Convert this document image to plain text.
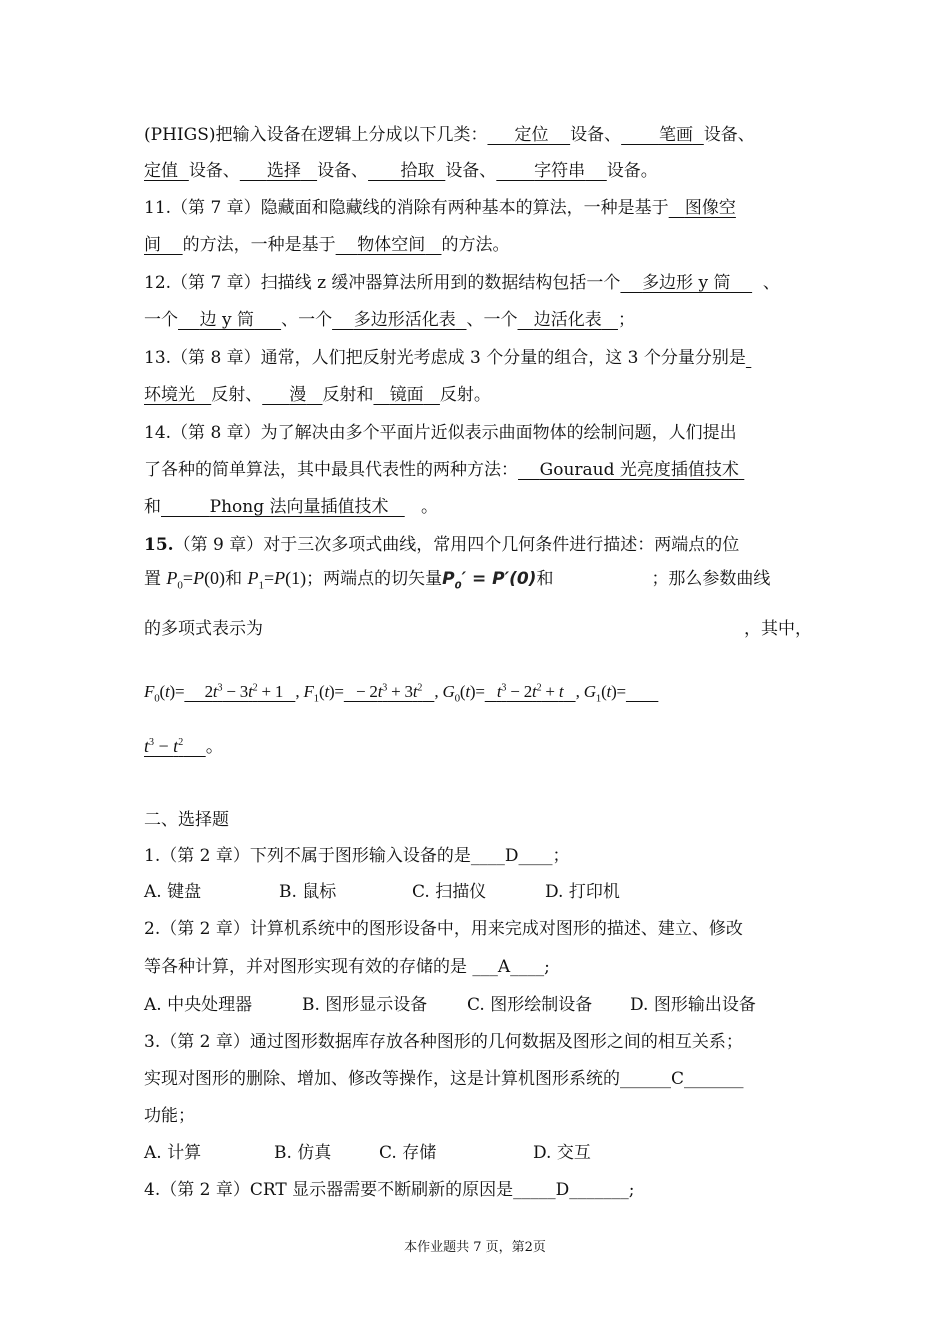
(PHIGS)把输入设备在逻辑上分成以下几类： 定位 设备、 笔画 设备、
定值 设备、 选择 设备、 拾取 设备、 字符串 设备。
11.（第 7 章）隐藏面和隐藏线的消除有两种基本的算法，一种是基于 图像空
间 的方法，一种是基于 物体空间 的方法。
12.（第 7 章）扫描线 z 缓冲器算法所用到的数据结构包括一个 多边形 y 筒 、
一个 边 y 筒 、一个 多边形活化表 、一个 边活化表 ；
13.（第 8 章）通常，人们把反射光考虑成 3 个分量的组合，这 3 个分量分别是
环境光 反射、 漫 反射和 镜面 反射。
14.（第 8 章）为了解决由多个平面片近似表示曲面物体的绘制问题，人们提出
了各种的简单算法，其中最具代表性的两种方法： Gouraud 光亮度插值技术
和	Phong 法向量插值技术 。
15.（第 9 章）对于三次多项式曲线，常用四个几何条件进行描述：两端点的位
置 $P_0=P(0)$和 $P_1=P(1)$；两端点的切矢量$P_0' = P'(0)$和	；那么参数曲线
的多项式表示为	，其中，
$F_0(t)=$     $2t^3 - 3t^2 + 1$   , $F_1(t)= - 2t^3 + 3t^2$ , $G_0(t)= t^3 - 2t^2 + t$ , $G_1(t)=$
$t^3 - t^2$ 。
二、选择题
1.（第 2 章）下列不属于图形输入设备的是____D____；
A. 键盘	B. 鼠标	C. 扫描仪	D. 打印机
2.（第 2 章）计算机系统中的图形设备中，用来完成对图形的描述、建立、修改
等各种计算，并对图形实现有效的存储的是 ___A____;
A. 中央处理器	B. 图形显示设备 C. 图形绘制设备 D. 图形输出设备
3.（第 2 章）通过图形数据库存放各种图形的几何数据及图形之间的相互关系；
实现对图形的删除、增加、修改等操作，这是计算机图形系统的______C_______
功能；
A. 计算	B. 仿真	C. 存储	D. 交互
4.（第 2 章）CRT 显示器需要不断刷新的原因是_____D_______;
本作业题共 7 页，第2页
